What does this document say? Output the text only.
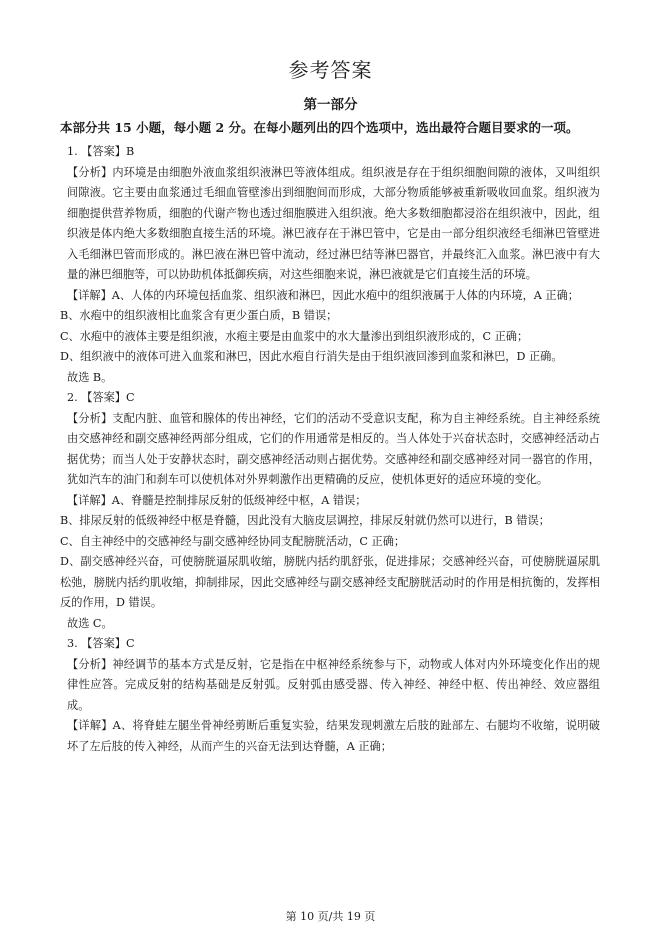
参考答案
第一部分
本部分共 15 小题，每小题 2 分。在每小题列出的四个选项中，选出最符合题目要求的一项。

1. 【答案】B

【分析】内环境是由细胞外液血浆组织液淋巴等液体组成。组织液是存在于组织细胞间隙的液体，又叫组织间隙液。它主要由血浆通过毛细血管壁渗出到细胞间而形成，大部分物质能够被重新吸收回血浆。组织液为细胞提供营养物质，细胞的代谢产物也透过细胞膜进入组织液。绝大多数细胞都浸浴在组织液中，因此，组织液是体内绝大多数细胞直接生活的环境。淋巴液存在于淋巴管中，它是由一部分组织液经毛细淋巴管壁进入毛细淋巴管而形成的。淋巴液在淋巴管中流动，经过淋巴结等淋巴器官，并最终汇入血浆。淋巴液中有大量的淋巴细胞等，可以协助机体抵御疾病，对这些细胞来说，淋巴液就是它们直接生活的环境。

【详解】A、人体的内环境包括血浆、组织液和淋巴，因此水疱中的组织液属于人体的内环境，A 正确；

B、水疱中的组织液相比血浆含有更少蛋白质，B 错误；

C、水疱中的液体主要是组织液，水疱主要是由血浆中的水大量渗出到组织液形成的，C 正确；

D、组织液中的液体可进入血浆和淋巴，因此水疱自行消失是由于组织液回渗到血浆和淋巴，D 正确。

故选 B。

2. 【答案】C

【分析】支配内脏、血管和腺体的传出神经，它们的活动不受意识支配，称为自主神经系统。自主神经系统由交感神经和副交感神经两部分组成，它们的作用通常是相反的。当人体处于兴奋状态时，交感神经活动占据优势；而当人处于安静状态时，副交感神经活动则占据优势。交感神经和副交感神经对同一器官的作用，犹如汽车的油门和刹车可以使机体对外界刺激作出更精确的反应，使机体更好的适应环境的变化。

【详解】A、脊髓是控制排尿反射的低级神经中枢，A 错误；

B、排尿反射的低级神经中枢是脊髓，因此没有大脑皮层调控，排尿反射就仍然可以进行，B 错误；

C、自主神经中的交感神经与副交感神经协同支配膀胱活动，C 正确；

D、副交感神经兴奋，可使膀胱逼尿肌收缩，膀胱内括约肌舒张，促进排尿；交感神经兴奋，可使膀胱逼尿肌松弛，膀胱内括约肌收缩，抑制排尿，因此交感神经与副交感神经支配膀胱活动时的作用是相抗衡的，发挥相反的作用，D 错误。

故选 C。

3. 【答案】C

【分析】神经调节的基本方式是反射，它是指在中枢神经系统参与下，动物或人体对内外环境变化作出的规律性应答。完成反射的结构基础是反射弧。反射弧由感受器、传入神经、神经中枢、传出神经、效应器组成。

【详解】A、将脊蛙左腿坐骨神经剪断后重复实验，结果发现刺激左后肢的趾部左、右腿均不收缩，说明破坏了左后肢的传入神经，从而产生的兴奋无法到达脊髓，A 正确；

第 10 页/共 19 页
